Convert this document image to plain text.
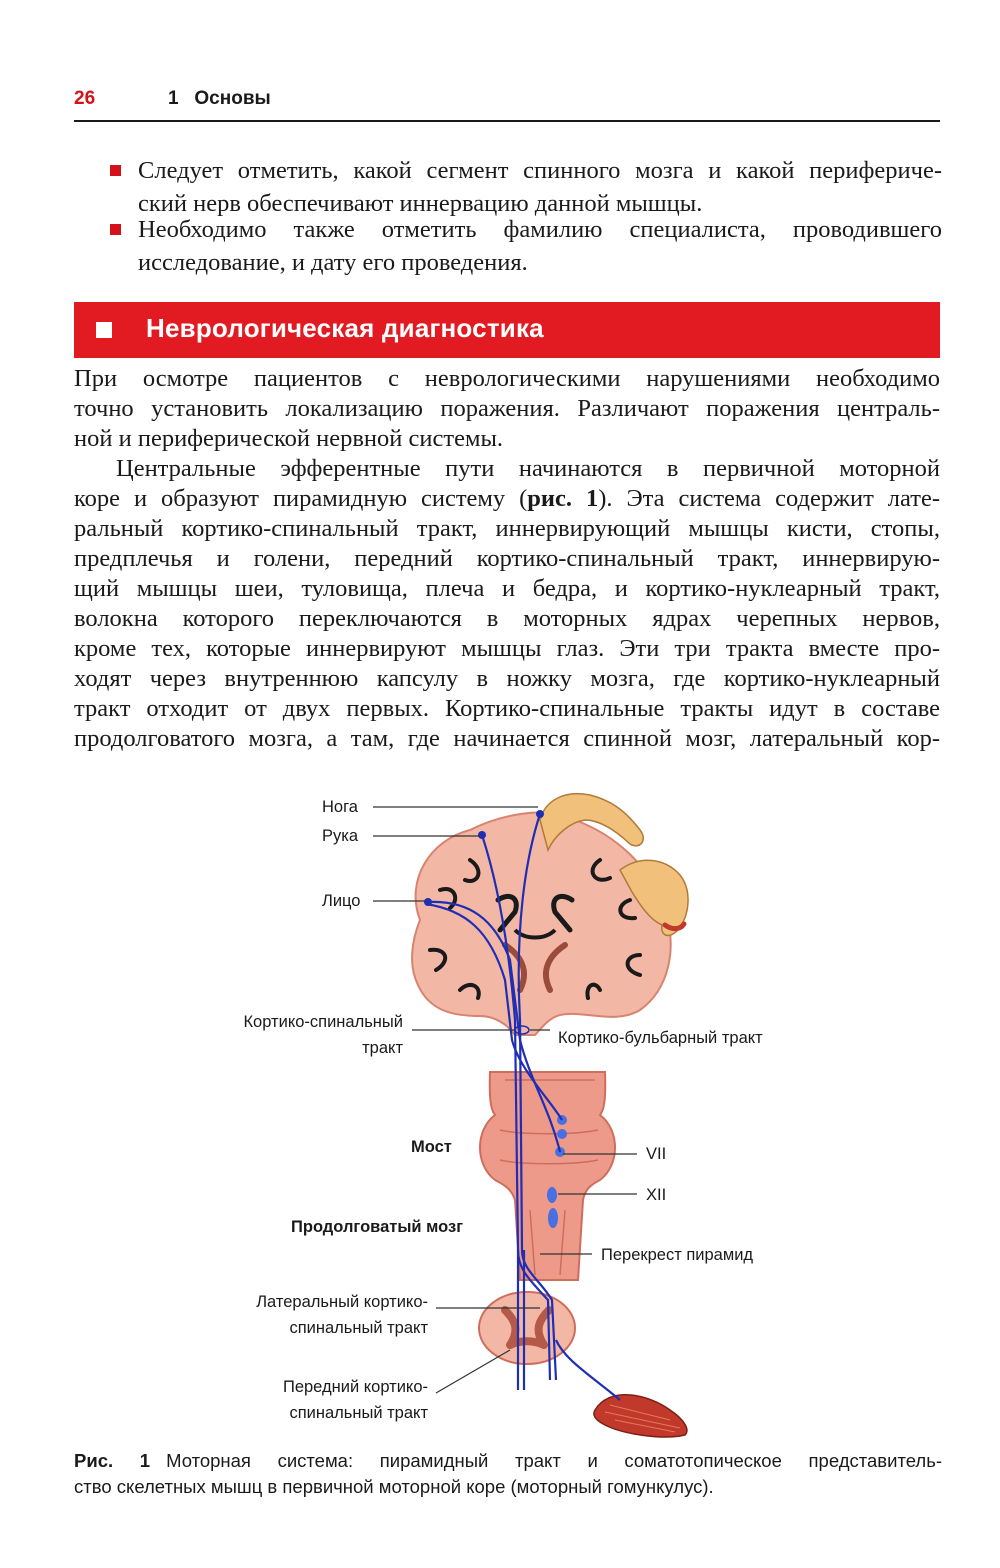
26	1   Основы
Следует отметить, какой сегмент спинного мозга и какой перифериче-
ский нерв обеспечивают иннервацию данной мышцы.
Необходимо также отметить фамилию специалиста, проводившего
исследование, и дату его проведения.
Неврологическая диагностика
При осмотре пациентов с неврологическими нарушениями необходимо
точно установить локализацию поражения. Различают поражения централь-
ной и периферической нервной системы.
Центральные эфферентные пути начинаются в первичной моторной
коре и образуют пирамидную систему (рис. 1). Эта система содержит лате-
ральный кортико-спинальный тракт, иннервирующий мышцы кисти, стопы,
предплечья и голени, передний кортико-спинальный тракт, иннервирую-
щий мышцы шеи, туловища, плеча и бедра, и кортико-нуклеарный тракт,
волокна которого переключаются в моторных ядрах черепных нервов,
кроме тех, которые иннервируют мышцы глаз. Эти три тракта вместе про-
ходят через внутреннюю капсулу в ножку мозга, где кортико-нуклеарный
тракт отходит от двух первых. Кортико-спинальные тракты идут в составе
продолговатого мозга, а там, где начинается спинной мозг, латеральный кор-
Нога
Рука
Лицо
Кортико-спинальный
тракт
Кортико-бульбарный тракт
Мост	VII
XII
Продолговатый мозг
Перекрест пирамид
Латеральный кортико-
спинальный тракт
Передний кортико-
спинальный тракт
Рис. 1 Моторная система: пирамидный тракт и соматотопическое представитель-
ство скелетных мышц в первичной моторной коре (моторный гомункулус).
